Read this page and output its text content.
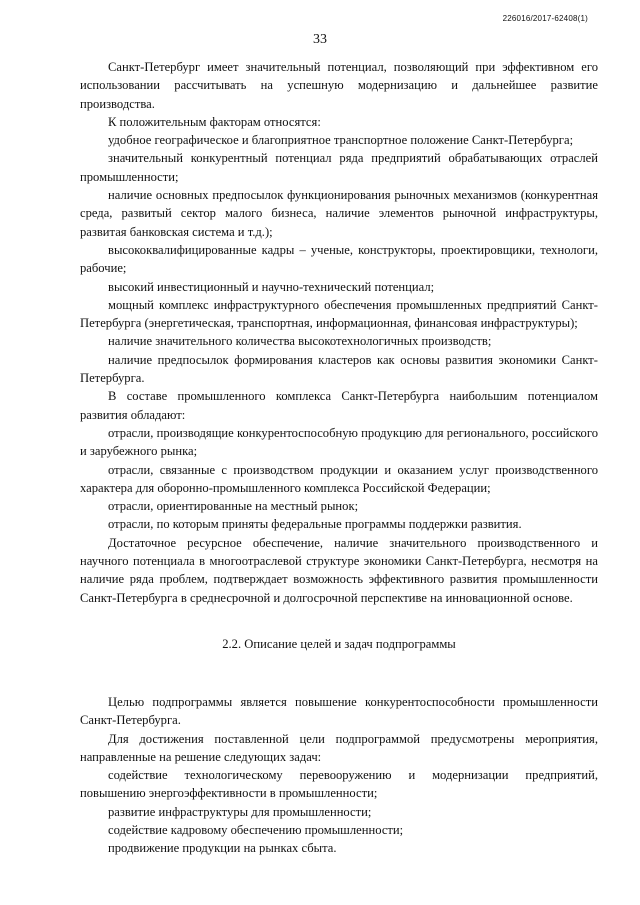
226016/2017-62408(1)
33

Санкт-Петербург имеет значительный потенциал, позволяющий при эффективном его использовании рассчитывать на успешную модернизацию и дальнейшее развитие производства.

К положительным факторам относятся:

удобное географическое и благоприятное транспортное положение Санкт-Петербурга;

значительный конкурентный потенциал ряда предприятий обрабатывающих отраслей промышленности;

наличие основных предпосылок функционирования рыночных механизмов (конкурентная среда, развитый сектор малого бизнеса, наличие элементов рыночной инфраструктуры, развитая банковская система и т.д.);

высококвалифицированные кадры – ученые, конструкторы, проектировщики, технологи, рабочие;

высокий инвестиционный и научно-технический потенциал;

мощный комплекс инфраструктурного обеспечения промышленных предприятий Санкт-Петербурга (энергетическая, транспортная, информационная, финансовая инфраструктуры);

наличие значительного количества высокотехнологичных производств;

наличие предпосылок формирования кластеров как основы развития экономики Санкт-Петербурга.

В составе промышленного комплекса Санкт-Петербурга наибольшим потенциалом развития обладают:

отрасли, производящие конкурентоспособную продукцию для регионального, российского и зарубежного рынка;

отрасли, связанные с производством продукции и оказанием услуг производственного характера для оборонно-промышленного комплекса Российской Федерации;

отрасли, ориентированные на местный рынок;

отрасли, по которым приняты федеральные программы поддержки развития.

Достаточное ресурсное обеспечение, наличие значительного производственного и научного потенциала в многоотраслевой структуре экономики Санкт-Петербурга, несмотря на наличие ряда проблем, подтверждает возможность эффективного развития промышленности Санкт-Петербурга в среднесрочной и долгосрочной перспективе на инновационной основе.

2.2. Описание целей и задач подпрограммы

Целью подпрограммы является повышение конкурентоспособности промышленности Санкт-Петербурга.

Для достижения поставленной цели подпрограммой предусмотрены мероприятия, направленные на решение следующих задач:

содействие технологическому перевооружению и модернизации предприятий, повышению энергоэффективности в промышленности;

развитие инфраструктуры для промышленности;

содействие кадровому обеспечению промышленности;

продвижение продукции на рынках сбыта.
